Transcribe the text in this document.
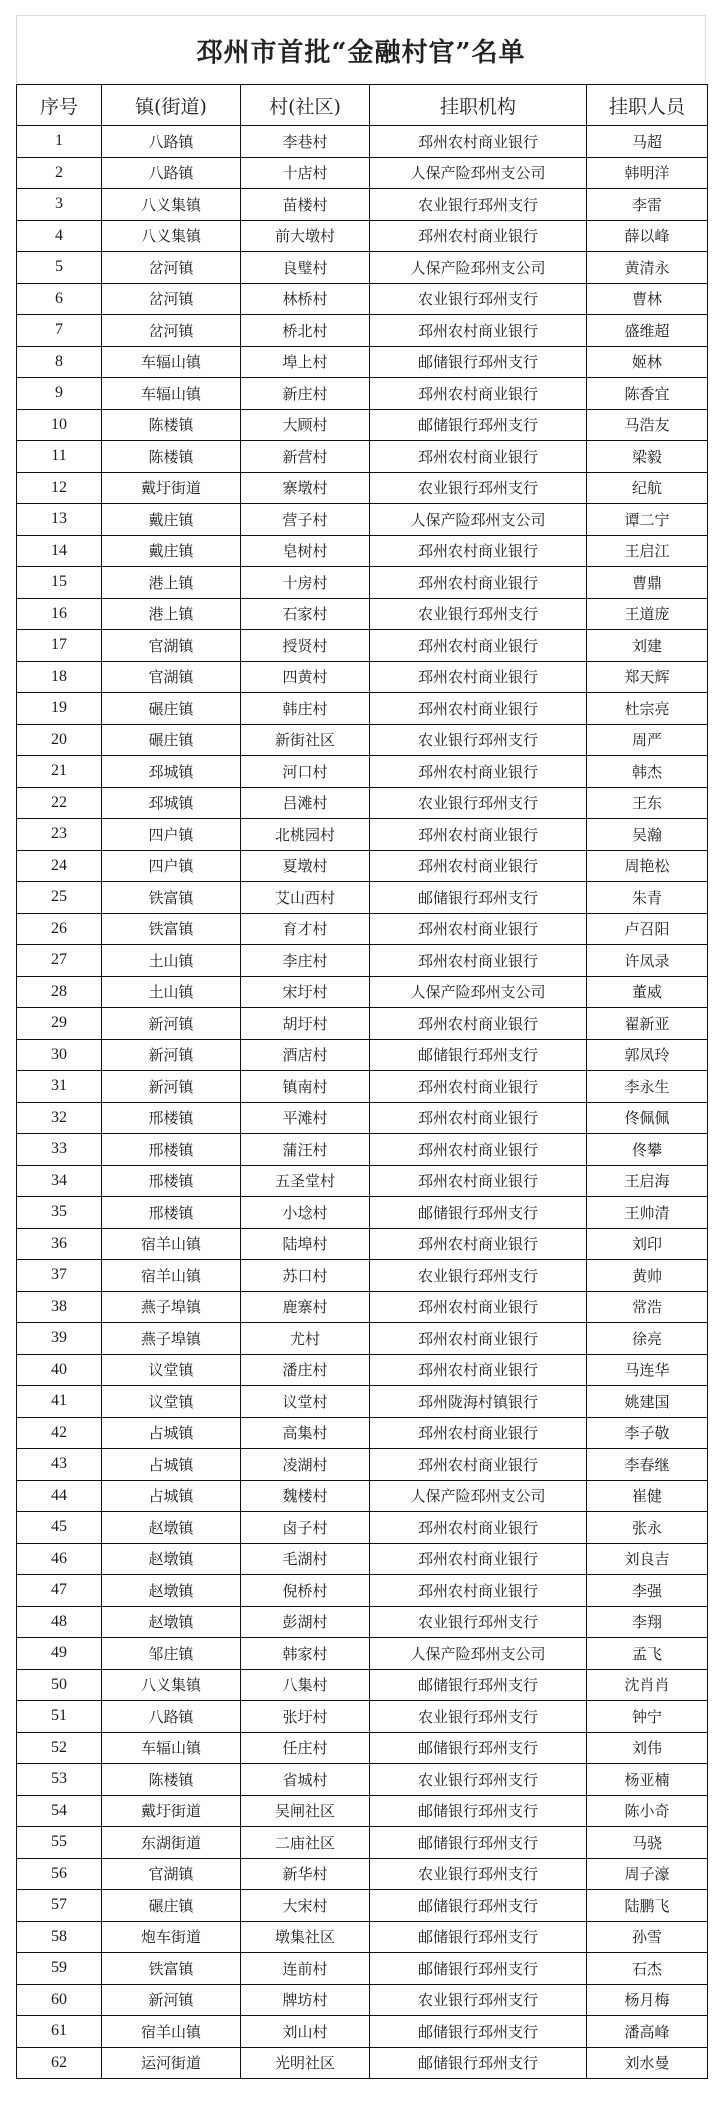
邳州市首批“金融村官”名单
序号	镇(街道)	村(社区)	挂职机构	挂职人员
1	八路镇	李巷村	邳州农村商业银行	马超
2	八路镇	十店村	人保产险邳州支公司	韩明洋
3	八义集镇	苗楼村	农业银行邳州支行	李雷
4	八义集镇	前大墩村	邳州农村商业银行	薛以峰
5	岔河镇	良璧村	人保产险邳州支公司	黄清永
6	岔河镇	林桥村	农业银行邳州支行	曹林
7	岔河镇	桥北村	邳州农村商业银行	盛维超
8	车辐山镇	埠上村	邮储银行邳州支行	姬林
9	车辐山镇	新庄村	邳州农村商业银行	陈香宜
10	陈楼镇	大顾村	邮储银行邳州支行	马浩友
11	陈楼镇	新营村	邳州农村商业银行	梁毅
12	戴圩街道	寨墩村	农业银行邳州支行	纪航
13	戴庄镇	营子村	人保产险邳州支公司	谭二宁
14	戴庄镇	皂树村	邳州农村商业银行	王启江
15	港上镇	十房村	邳州农村商业银行	曹鼎
16	港上镇	石家村	农业银行邳州支行	王道庞
17	官湖镇	授贤村	邳州农村商业银行	刘建
18	官湖镇	四黄村	邳州农村商业银行	郑天辉
19	碾庄镇	韩庄村	邳州农村商业银行	杜宗亮
20	碾庄镇	新街社区	农业银行邳州支行	周严
21	邳城镇	河口村	邳州农村商业银行	韩杰
22	邳城镇	吕滩村	农业银行邳州支行	王东
23	四户镇	北桃园村	邳州农村商业银行	吴瀚
24	四户镇	夏墩村	邳州农村商业银行	周艳松
25	铁富镇	艾山西村	邮储银行邳州支行	朱青
26	铁富镇	育才村	邳州农村商业银行	卢召阳
27	土山镇	李庄村	邳州农村商业银行	许凤录
28	土山镇	宋圩村	人保产险邳州支公司	董威
29	新河镇	胡圩村	邳州农村商业银行	翟新亚
30	新河镇	酒店村	邮储银行邳州支行	郭凤玲
31	新河镇	镇南村	邳州农村商业银行	李永生
32	邢楼镇	平滩村	邳州农村商业银行	佟佩佩
33	邢楼镇	蒲汪村	邳州农村商业银行	佟攀
34	邢楼镇	五圣堂村	邳州农村商业银行	王启海
35	邢楼镇	小埝村	邮储银行邳州支行	王帅清
36	宿羊山镇	陆埠村	邳州农村商业银行	刘印
37	宿羊山镇	苏口村	农业银行邳州支行	黄帅
38	燕子埠镇	鹿寨村	邳州农村商业银行	常浩
39	燕子埠镇	尤村	邳州农村商业银行	徐亮
40	议堂镇	潘庄村	邳州农村商业银行	马连华
41	议堂镇	议堂村	邳州陇海村镇银行	姚建国
42	占城镇	高集村	邳州农村商业银行	李子敬
43	占城镇	凌湖村	邳州农村商业银行	李春继
44	占城镇	魏楼村	人保产险邳州支公司	崔健
45	赵墩镇	卤子村	邳州农村商业银行	张永
46	赵墩镇	毛湖村	邳州农村商业银行	刘良吉
47	赵墩镇	倪桥村	邳州农村商业银行	李强
48	赵墩镇	彭湖村	农业银行邳州支行	李翔
49	邹庄镇	韩家村	人保产险邳州支公司	孟飞
50	八义集镇	八集村	邮储银行邳州支行	沈肖肖
51	八路镇	张圩村	农业银行邳州支行	钟宁
52	车辐山镇	任庄村	邮储银行邳州支行	刘伟
53	陈楼镇	省城村	农业银行邳州支行	杨亚楠
54	戴圩街道	吴闸社区	邮储银行邳州支行	陈小奇
55	东湖街道	二庙社区	邮储银行邳州支行	马骁
56	官湖镇	新华村	农业银行邳州支行	周子濠
57	碾庄镇	大宋村	邮储银行邳州支行	陆鹏飞
58	炮车街道	墩集社区	邮储银行邳州支行	孙雪
59	铁富镇	连前村	邮储银行邳州支行	石杰
60	新河镇	牌坊村	农业银行邳州支行	杨月梅
61	宿羊山镇	刘山村	邮储银行邳州支行	潘高峰
62	运河街道	光明社区	邮储银行邳州支行	刘水曼
